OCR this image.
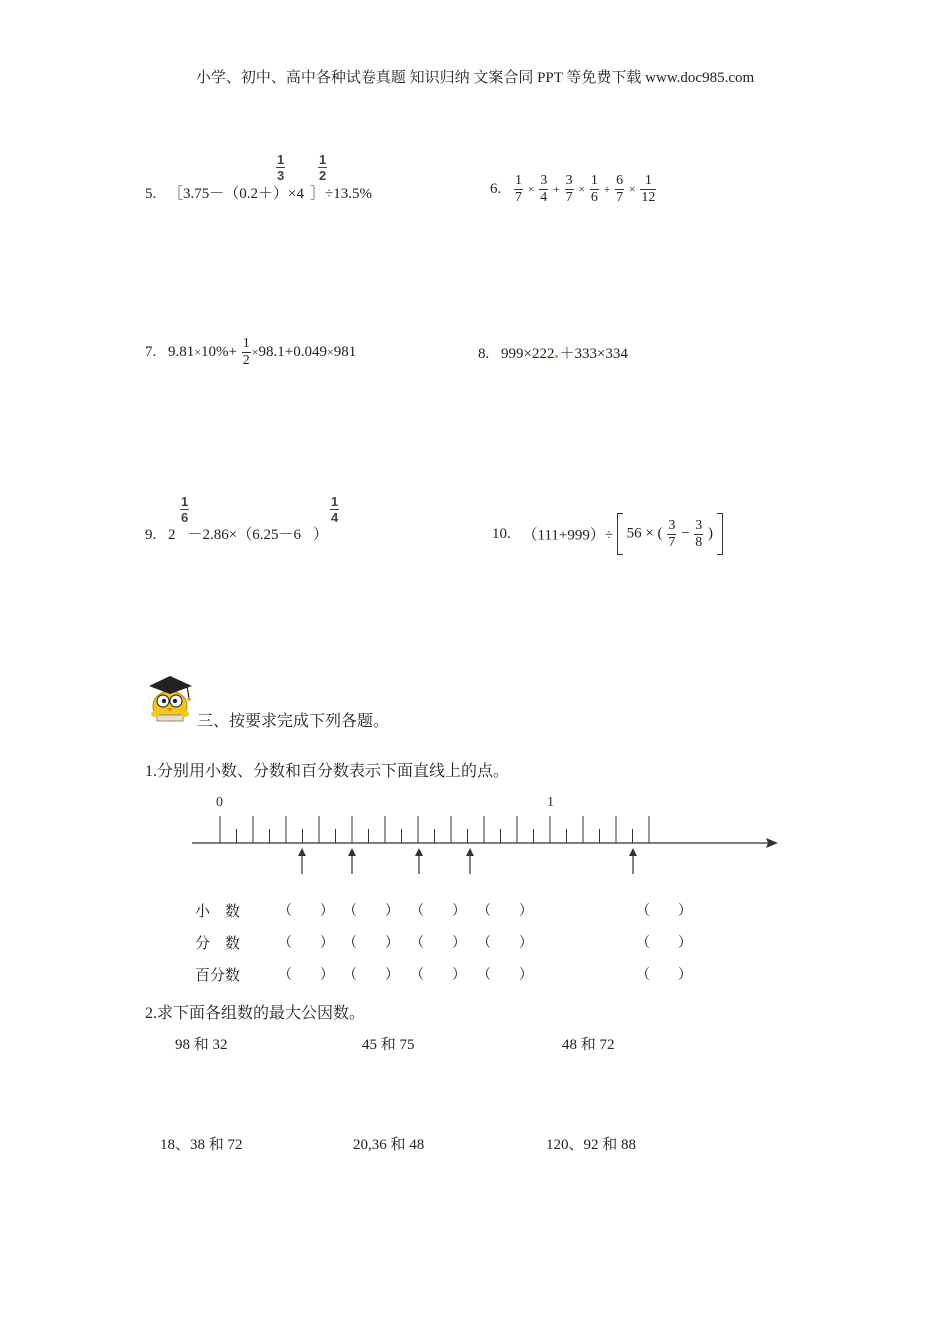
小学、初中、高中各种试卷真题 知识归纳 文案合同 PPT 等免费下载 www.doc985.com
5. ［3.75－（0.2＋）×4 ］÷13.5%
$\frac{1}{3}$	$\frac{1}{2}$
6. $\frac{1}{7} \times \frac{3}{4} + \frac{3}{7} \times \frac{1}{6} + \frac{6}{7} \times \frac{1}{12}$
7. $9.81\times 10\%+ \frac{1}{2} \times 98.1+0.049\times 981$	8. 999×222 ＋333×334
9. 2 －2.86×（6.25－6 ）
$\frac{1}{6}$	$\frac{1}{4}$
10. （111+999）÷ 56 × ( $\frac{3}{7} - \frac{3}{8}$ )
三、按要求完成下列各题。
1.分别用小数、分数和百分数表示下面直线上的点。
0	1
小　数	（　　） （　　） （　　） （　　）	（　　）
分　数	（　　） （　　） （　　） （　　）	（　　）
百分数	（　　） （　　） （　　） （　　）	（　　）
2.求下面各组数的最大公因数。
98 和 32	45 和 75	48 和 72
18、38 和 72	20,36 和 48	120、92 和 88
